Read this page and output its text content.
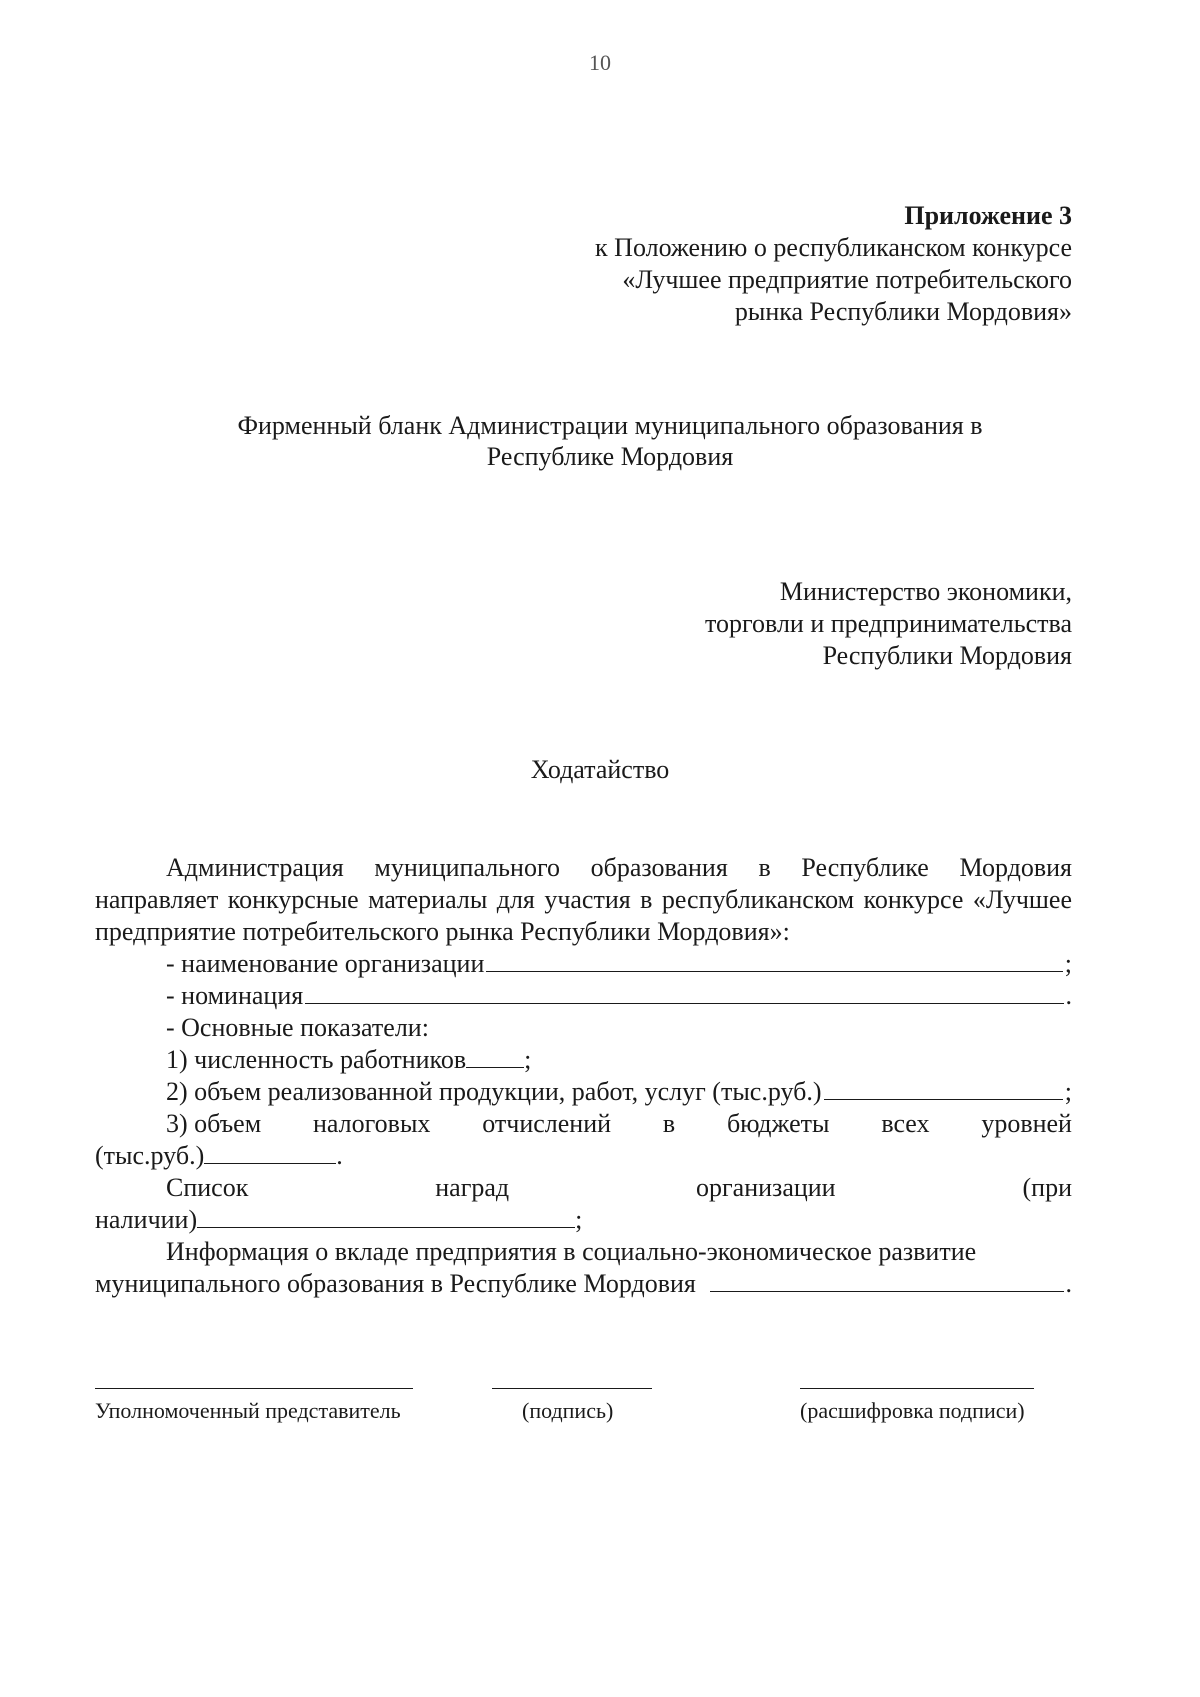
10
Приложение 3
к Положению о республиканском конкурсе
«Лучшее предприятие потребительского
рынка Республики Мордовия»
Фирменный бланк Администрации муниципального образования в
Республике Мордовия
Министерство экономики,
торговли и предпринимательства
Республики Мордовия
Ходатайство

Администрация муниципального образования в Республике Мордовия направляет конкурсные материалы для участия в республиканском конкурсе «Лучшее предприятие потребительского рынка Республики Мордовия»:

- наименование организации	;
- номинация	.
- Основные показатели:
1) численность работников ;
2) объем реализованной продукции, работ, услуг (тыс.руб.)	;
3) объем налоговых отчислений в бюджеты всех уровней
(тыс.руб.)	.
Список	наград	организации	(при
наличии)	;
Информация о вкладе предприятия в социально-экономическое развитие
муниципального образования в Республике Мордовия	.
Уполномоченный представитель	(подпись)	(расшифровка подписи)
